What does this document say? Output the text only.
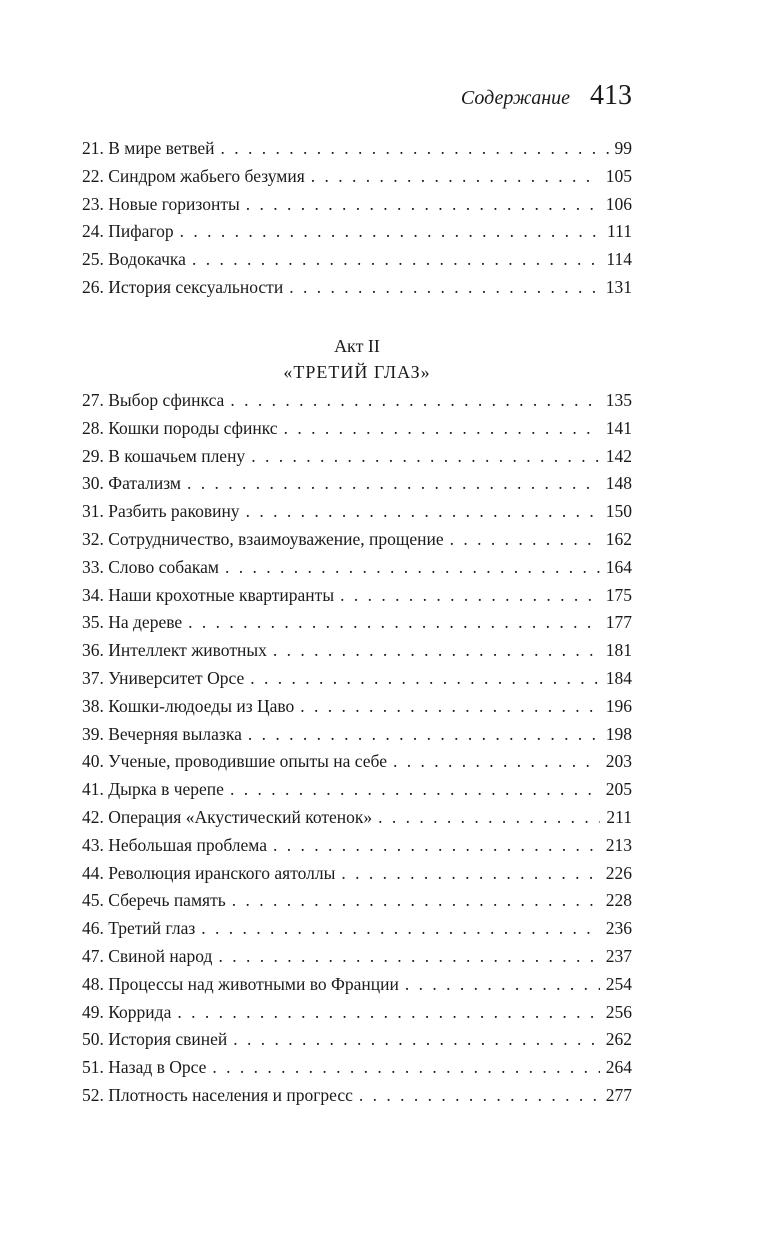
Содержание 413
21. В мире ветвей . . .	99
22. Синдром жабьего безумия . . .	105
23. Новые горизонты . . .	106
24. Пифагор . . .	111
25. Водокачка . . .	114
26. История сексуальности . . .	131
Акт II
«ТРЕТИЙ ГЛАЗ»
27. Выбор сфинкса . . .	135
28. Кошки породы сфинкс . . .	141
29. В кошачьем плену . . .	142
30. Фатализм . . .	148
31. Разбить раковину . . .	150
32. Сотрудничество, взаимоуважение, прощение . . .	162
33. Слово собакам . . .	164
34. Наши крохотные квартиранты . . .	175
35. На дереве . . .	177
36. Интеллект животных . . .	181
37. Университет Орсе . . .	184
38. Кошки-людоеды из Цаво . . .	196
39. Вечерняя вылазка . . .	198
40. Ученые, проводившие опыты на себе . . .	203
41. Дырка в черепе . . .	205
42. Операция «Акустический котенок» . . .	211
43. Небольшая проблема . . .	213
44. Революция иранского аятоллы . . .	226
45. Сберечь память . . .	228
46. Третий глаз . . .	236
47. Свиной народ . . .	237
48. Процессы над животными во Франции . . .	254
49. Коррида . . .	256
50. История свиней . . .	262
51. Назад в Орсе . . .	264
52. Плотность населения и прогресс . . .	277
